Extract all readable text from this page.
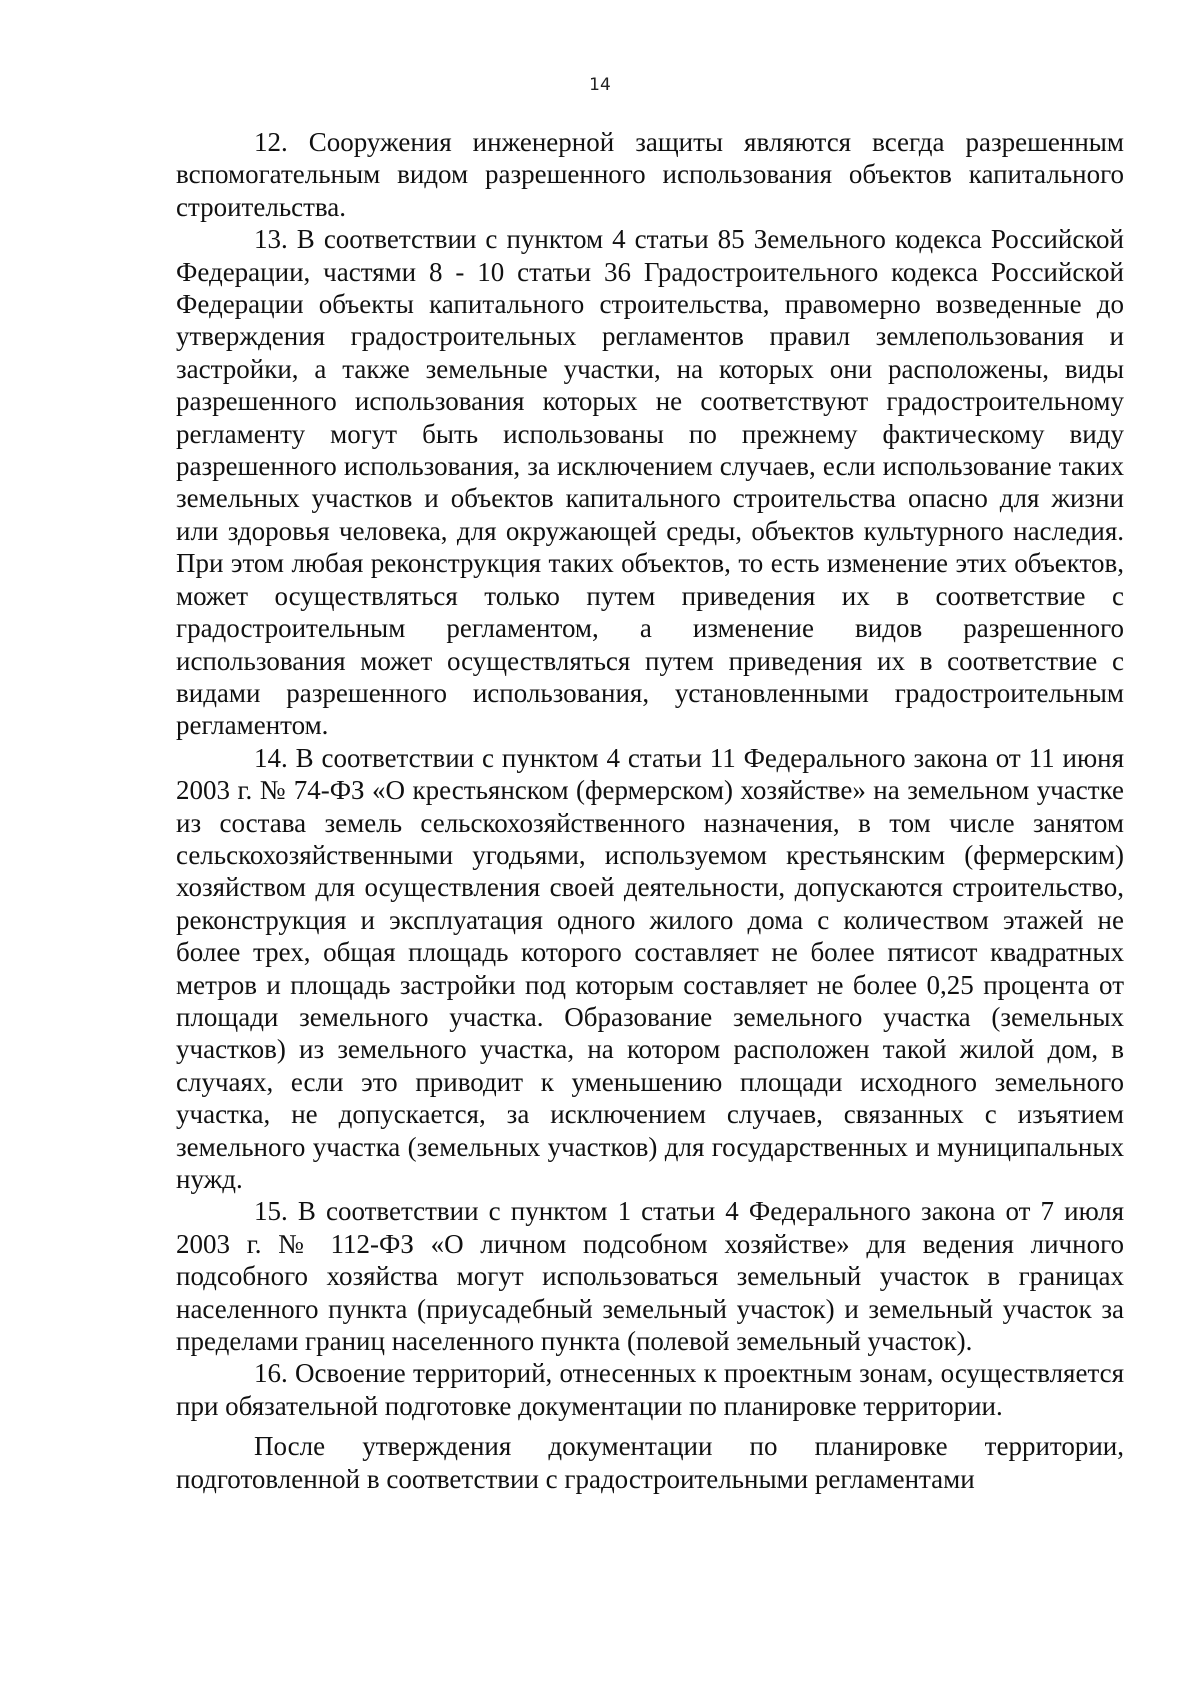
14

12. Сооружения инженерной защиты являются всегда разрешенным вспомогательным видом разрешенного использования объектов капитального строительства.

13. В соответствии с пунктом 4 статьи 85 Земельного кодекса Российской Федерации, частями 8 - 10 статьи 36 Градостроительного кодекса Российской Федерации объекты капитального строительства, правомерно возведенные до утверждения градостроительных регламентов правил землепользования и застройки, а также земельные участки, на которых они расположены, виды разрешенного использования которых не соответствуют градостроительному регламенту могут быть использованы по прежнему фактическому виду разрешенного использования, за исключением случаев, если использование таких земельных участков и объектов капитального строительства опасно для жизни или здоровья человека, для окружающей среды, объектов культурного наследия. При этом любая реконструкция таких объектов, то есть изменение этих объектов, может осуществляться только путем приведения их в соответствие с градостроительным регламентом, а изменение видов разрешенного использования может осуществляться путем приведения их в соответствие с видами разрешенного использования, установленными градостроительным регламентом.

14. В соответствии с пунктом 4 статьи 11 Федерального закона от 11 июня 2003 г. № 74-ФЗ «О крестьянском (фермерском) хозяйстве» на земельном участке из состава земель сельскохозяйственного назначения, в том числе занятом сельскохозяйственными угодьями, используемом крестьянским (фермерским) хозяйством для осуществления своей деятельности, допускаются строительство, реконструкция и эксплуатация одного жилого дома с количеством этажей не более трех, общая площадь которого составляет не более пятисот квадратных метров и площадь застройки под которым составляет не более 0,25 процента от площади земельного участка. Образование земельного участка (земельных участков) из земельного участка, на котором расположен такой жилой дом, в случаях, если это приводит к уменьшению площади исходного земельного участка, не допускается, за исключением случаев, связанных с изъятием земельного участка (земельных участков) для государственных и муниципальных нужд.

15. В соответствии с пунктом 1 статьи 4 Федерального закона от 7 июля 2003 г. № 112-ФЗ «О личном подсобном хозяйстве» для ведения личного подсобного хозяйства могут использоваться земельный участок в границах населенного пункта (приусадебный земельный участок) и земельный участок за пределами границ населенного пункта (полевой земельный участок).

16. Освоение территорий, отнесенных к проектным зонам, осуществляется при обязательной подготовке документации по планировке территории.

После утверждения документации по планировке территории, подготовленной в соответствии с градостроительными регламентами
